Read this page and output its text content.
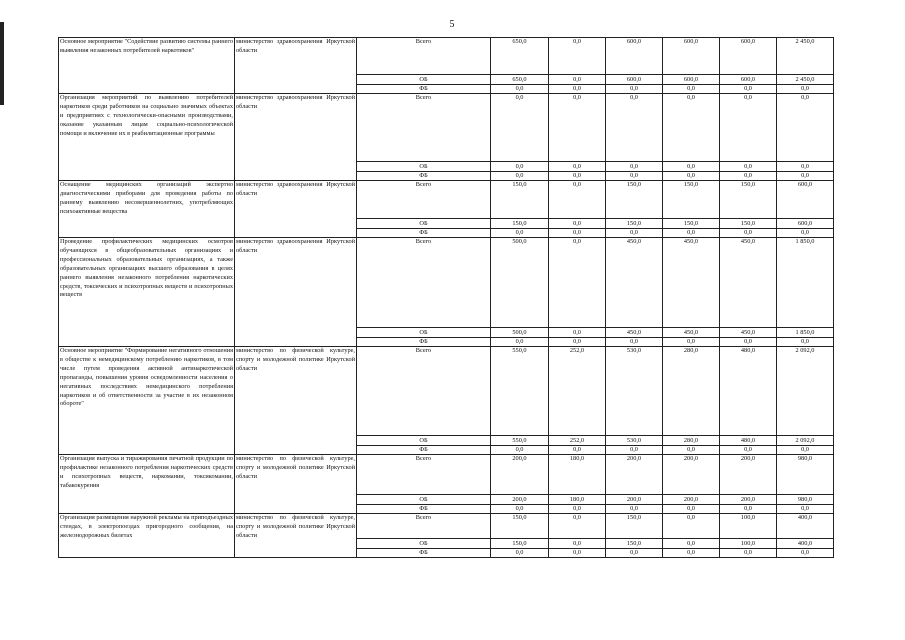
5
Основное мероприятие "Содействие развитию системы раннего выявления незаконных потребителей наркотиков"	министерство здравоохранения Иркутской области	Всего	650,0	0,0	600,0	600,0	600,0	2 450,0
		ОБ	650,0	0,0	600,0	600,0	600,0	2 450,0
		ФБ	0,0	0,0	0,0	0,0	0,0	0,0
Организация мероприятий по выявлению потребителей наркотиков среди работников на социально значимых объектах и предприятиях с технологически-опасными производствами, оказание указанным лицам социально-психологической помощи и включение их в реабилитационные программы	министерство здравоохранения Иркутской области	Всего	0,0	0,0	0,0	0,0	0,0	0,0
		ОБ	0,0	0,0	0,0	0,0	0,0	0,0
		ФБ	0,0	0,0	0,0	0,0	0,0	0,0
Оснащение медицинских организаций экспертно диагностическими приборами для проведения работы по раннему выявлению несовершеннолетних, употребляющих психоактивные вещества	министерство здравоохранения Иркутской области	Всего	150,0	0,0	150,0	150,0	150,0	600,0
		ОБ	150,0	0,0	150,0	150,0	150,0	600,0
		ФБ	0,0	0,0	0,0	0,0	0,0	0,0
Проведение профилактических медицинских осмотров обучающихся в общеобразовательных организациях и профессиональных образовательных организациях, а также образовательных организациях высшего образования в целях раннего выявления незаконного потребления наркотических средств, токсических и психотропных веществ и психотропных веществ	министерство здравоохранения Иркутской области	Всего	500,0	0,0	450,0	450,0	450,0	1 850,0
		ОБ	500,0	0,0	450,0	450,0	450,0	1 850,0
		ФБ	0,0	0,0	0,0	0,0	0,0	0,0
Основное мероприятие "Формирование негативного отношения в обществе к немедицинскому потреблению наркотиков, в том числе путем проведения активной антинаркотической пропаганды, повышения уровня осведомленности населения о негативных последствиях немедицинского потребления наркотиков и об ответственности за участие в их незаконном обороте"	министерство по физической культуре, спорту и молодежной политике Иркутской области	Всего	550,0	252,0	530,0	280,0	480,0	2 092,0
		ОБ	550,0	252,0	530,0	280,0	480,0	2 092,0
		ФБ	0,0	0,0	0,0	0,0	0,0	0,0
Организация выпуска и тиражирования печатной продукции по профилактике незаконного потребления наркотических средств и психотропных веществ, наркомании, токсикомании, табакокурения	министерство по физической культуре, спорту и молодежной политике Иркутской области	Всего	200,0	180,0	200,0	200,0	200,0	980,0
		ОБ	200,0	180,0	200,0	200,0	200,0	980,0
		ФБ	0,0	0,0	0,0	0,0	0,0	0,0
Организация размещения наружной рекламы на приподъездных стендах, в электропоездах пригородного сообщения, на железнодорожных билетах	министерство по физической культуре, спорту и молодежной политике Иркутской области	Всего	150,0	0,0	150,0	0,0	100,0	400,0
		ОБ	150,0	0,0	150,0	0,0	100,0	400,0
		ФБ	0,0	0,0	0,0	0,0	0,0	0,0
